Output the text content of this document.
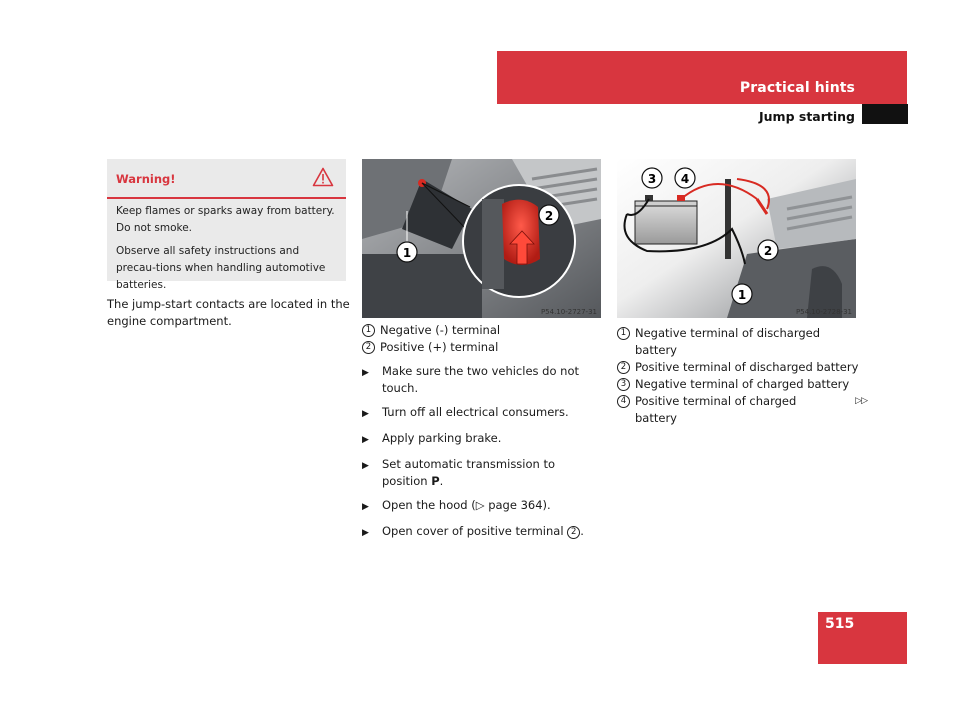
Practical hints
Jump starting
Warning!

Keep flames or sparks away from battery. Do not smoke.

Observe all safety instructions and precau-tions when handling automotive batteries.

The jump-start contacts are located in the engine compartment.

2
1
P54.10-2727-31
1 Negative (-) terminal
2 Positive (+) terminal
▶	Make sure the two vehicles do not touch.
▶	Turn off all electrical consumers.
▶	Apply parking brake.
▶	Set automatic transmission to position P.
▶	Open the hood (▷ page 364).
▶	Open cover of positive terminal 2 .
3 4
2
1
P54.10-2728-31
1 Negative terminal of discharged battery
2 Positive terminal of discharged battery
3 Negative terminal of charged battery
4 Positive terminal of charged battery
▷▷
515
